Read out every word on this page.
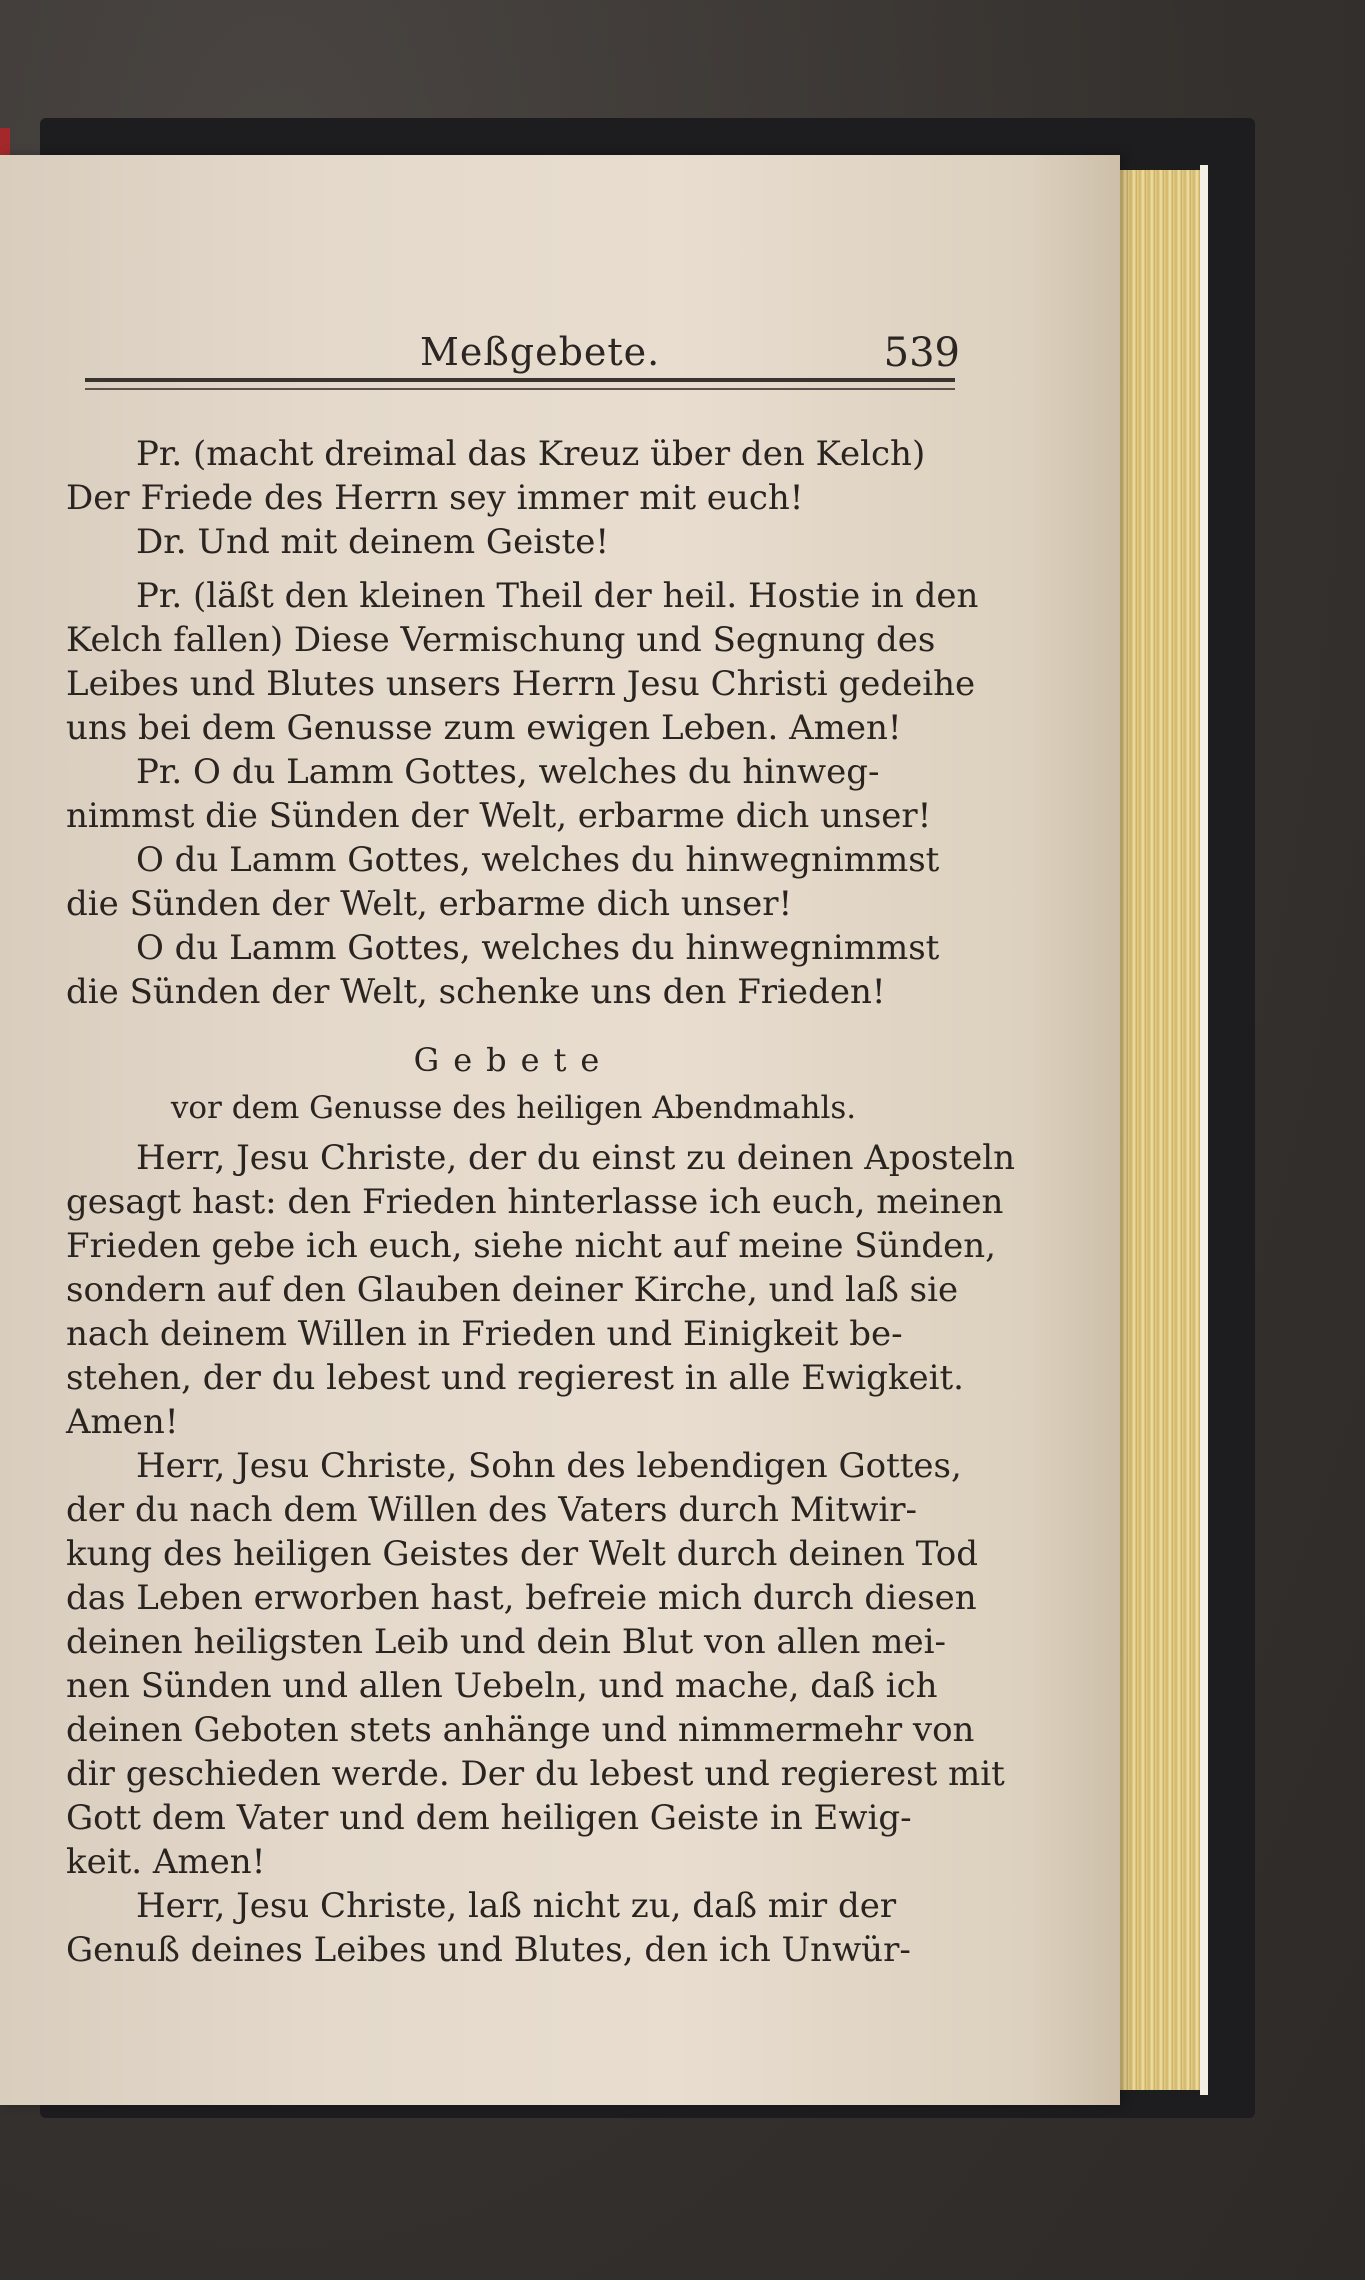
Meßgebete.	539
Pr. (macht dreimal das Kreuz über den Kelch)
Der Friede des Herrn sey immer mit euch!
Dr. Und mit deinem Geiste!
Pr. (läßt den kleinen Theil der heil. Hostie in den
Kelch fallen) Diese Vermischung und Segnung des
Leibes und Blutes unsers Herrn Jesu Christi gedeihe
uns bei dem Genusse zum ewigen Leben. Amen!
Pr. O du Lamm Gottes, welches du hinweg-
nimmst die Sünden der Welt, erbarme dich unser!
O du Lamm Gottes, welches du hinwegnimmst
die Sünden der Welt, erbarme dich unser!
O du Lamm Gottes, welches du hinwegnimmst
die Sünden der Welt, schenke uns den Frieden!
Gebete
vor dem Genusse des heiligen Abendmahls.
Herr, Jesu Christe, der du einst zu deinen Aposteln
gesagt hast: den Frieden hinterlasse ich euch, meinen
Frieden gebe ich euch, siehe nicht auf meine Sünden,
sondern auf den Glauben deiner Kirche, und laß sie
nach deinem Willen in Frieden und Einigkeit be-
stehen, der du lebest und regierest in alle Ewigkeit.
Amen!
Herr, Jesu Christe, Sohn des lebendigen Gottes,
der du nach dem Willen des Vaters durch Mitwir-
kung des heiligen Geistes der Welt durch deinen Tod
das Leben erworben hast, befreie mich durch diesen
deinen heiligsten Leib und dein Blut von allen mei-
nen Sünden und allen Uebeln, und mache, daß ich
deinen Geboten stets anhänge und nimmermehr von
dir geschieden werde. Der du lebest und regierest mit
Gott dem Vater und dem heiligen Geiste in Ewig-
keit. Amen!
Herr, Jesu Christe, laß nicht zu, daß mir der
Genuß deines Leibes und Blutes, den ich Unwür-
